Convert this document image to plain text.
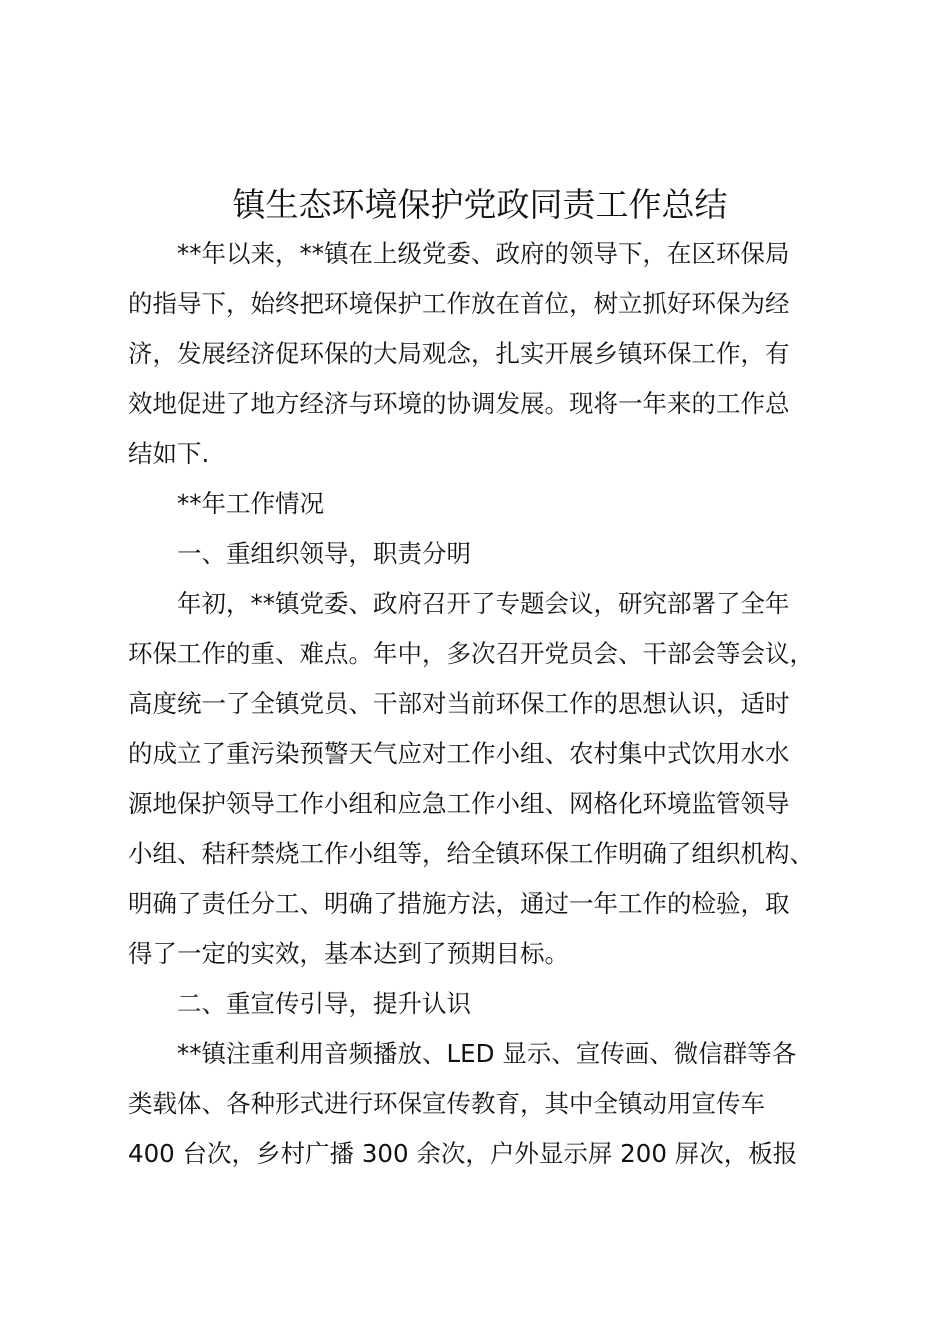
镇生态环境保护党政同责工作总结
**年以来，**镇在上级党委、政府的领导下，在区环保局
的指导下，始终把环境保护工作放在首位，树立抓好环保为经
济，发展经济促环保的大局观念，扎实开展乡镇环保工作，有
效地促进了地方经济与环境的协调发展。现将一年来的工作总
结如下.
**年工作情况
一、重组织领导，职责分明
年初，**镇党委、政府召开了专题会议，研究部署了全年
环保工作的重、难点。年中，多次召开党员会、干部会等会议，
高度统一了全镇党员、干部对当前环保工作的思想认识，适时
的成立了重污染预警天气应对工作小组、农村集中式饮用水水
源地保护领导工作小组和应急工作小组、网格化环境监管领导
小组、秸秆禁烧工作小组等，给全镇环保工作明确了组织机构、
明确了责任分工、明确了措施方法，通过一年工作的检验，取
得了一定的实效，基本达到了预期目标。
二、重宣传引导，提升认识
**镇注重利用音频播放、LED 显示、宣传画、微信群等各
类载体、各种形式进行环保宣传教育，其中全镇动用宣传车
400 台次，乡村广播 300 余次，户外显示屏 200 屏次，板报
